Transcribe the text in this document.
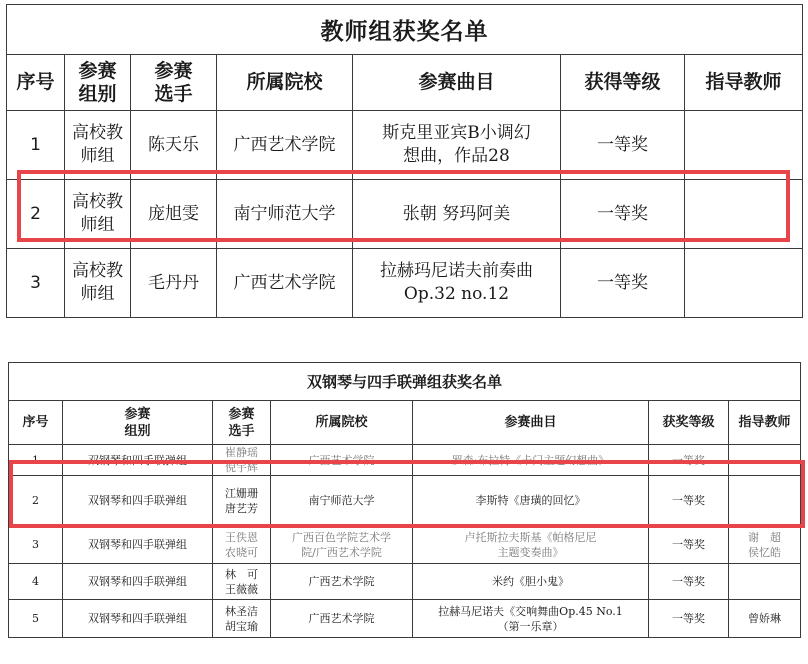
教师组获奖名单						

序号	参赛
组别	参赛
选手	所属院校	参赛曲目	获得等级	指导教师

1	高校教
师组	陈天乐	广西艺术学院	斯克里亚宾B小调幻
想曲，作品28	一等奖	

2	高校教
师组	庞旭雯	南宁师范大学	张朝 努玛阿美	一等奖	

3	高校教
师组	毛丹丹	广西艺术学院	拉赫玛尼诺夫前奏曲
Op.32 no.12	一等奖	

双钢琴与四手联弹组获奖名单						

序号	参赛
组别	参赛
选手	所属院校	参赛曲目	获奖等级	指导教师

1	双钢琴和四手联弹组	崔静瑶
倪宇辉	广西艺术学院	罗森·布拉特《卡门主题幻想曲》	一等奖	

2	双钢琴和四手联弹组	江姗珊
唐艺芳	南宁师范大学	李斯特《唐璜的回忆》	一等奖	

3	双钢琴和四手联弹组	王佚恩
农晓可	广西百色学院艺术学
院/广西艺术学院	卢托斯拉夫斯基《帕格尼尼
主题变奏曲》	一等奖	谢　超
侯忆皓

4	双钢琴和四手联弹组	林　可
王薇薇	广西艺术学院	米约《胆小鬼》	一等奖	

5	双钢琴和四手联弹组	林圣洁
胡宝瑜	广西艺术学院	拉赫马尼诺夫《交响舞曲Op.45 No.1
（第一乐章）	一等奖	曾娇琳
